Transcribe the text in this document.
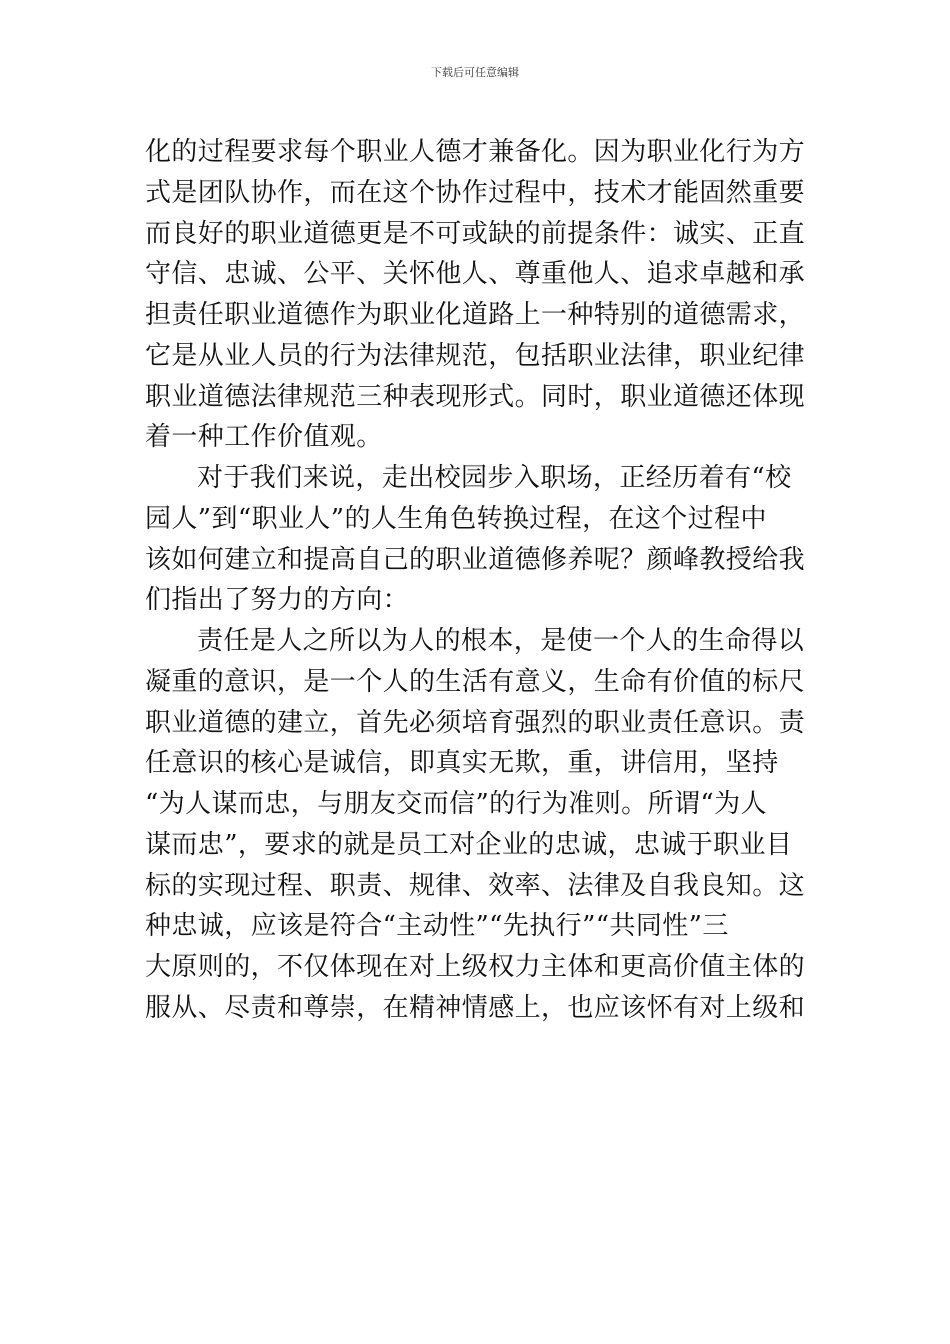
下载后可任意编辑

化的过程要求每个职业人德才兼备化。因为职业化行为方
式是团队协作，而在这个协作过程中，技术才能固然重要
而良好的职业道德更是不可或缺的前提条件：诚实、正直
守信、忠诚、公平、关怀他人、尊重他人、追求卓越和承
担责任职业道德作为职业化道路上一种特别的道德需求，
它是从业人员的行为法律规范，包括职业法律，职业纪律
职业道德法律规范三种表现形式。同时，职业道德还体现
着一种工作价值观。

对于我们来说，走出校园步入职场，正经历着有“校
园人”到“职业人”的人生角色转换过程，在这个过程中
该如何建立和提高自己的职业道德修养呢？颜峰教授给我
们指出了努力的方向：

责任是人之所以为人的根本，是使一个人的生命得以
凝重的意识，是一个人的生活有意义，生命有价值的标尺
职业道德的建立，首先必须培育强烈的职业责任意识。责
任意识的核心是诚信，即真实无欺，重，讲信用，坚持
“为人谋而忠，与朋友交而信”的行为准则。所谓“为人
谋而忠”，要求的就是员工对企业的忠诚，忠诚于职业目
标的实现过程、职责、规律、效率、法律及自我良知。这
种忠诚，应该是符合“主动性”“先执行”“共同性”三
大原则的，不仅体现在对上级权力主体和更高价值主体的
服从、尽责和尊崇，在精神情感上，也应该怀有对上级和
